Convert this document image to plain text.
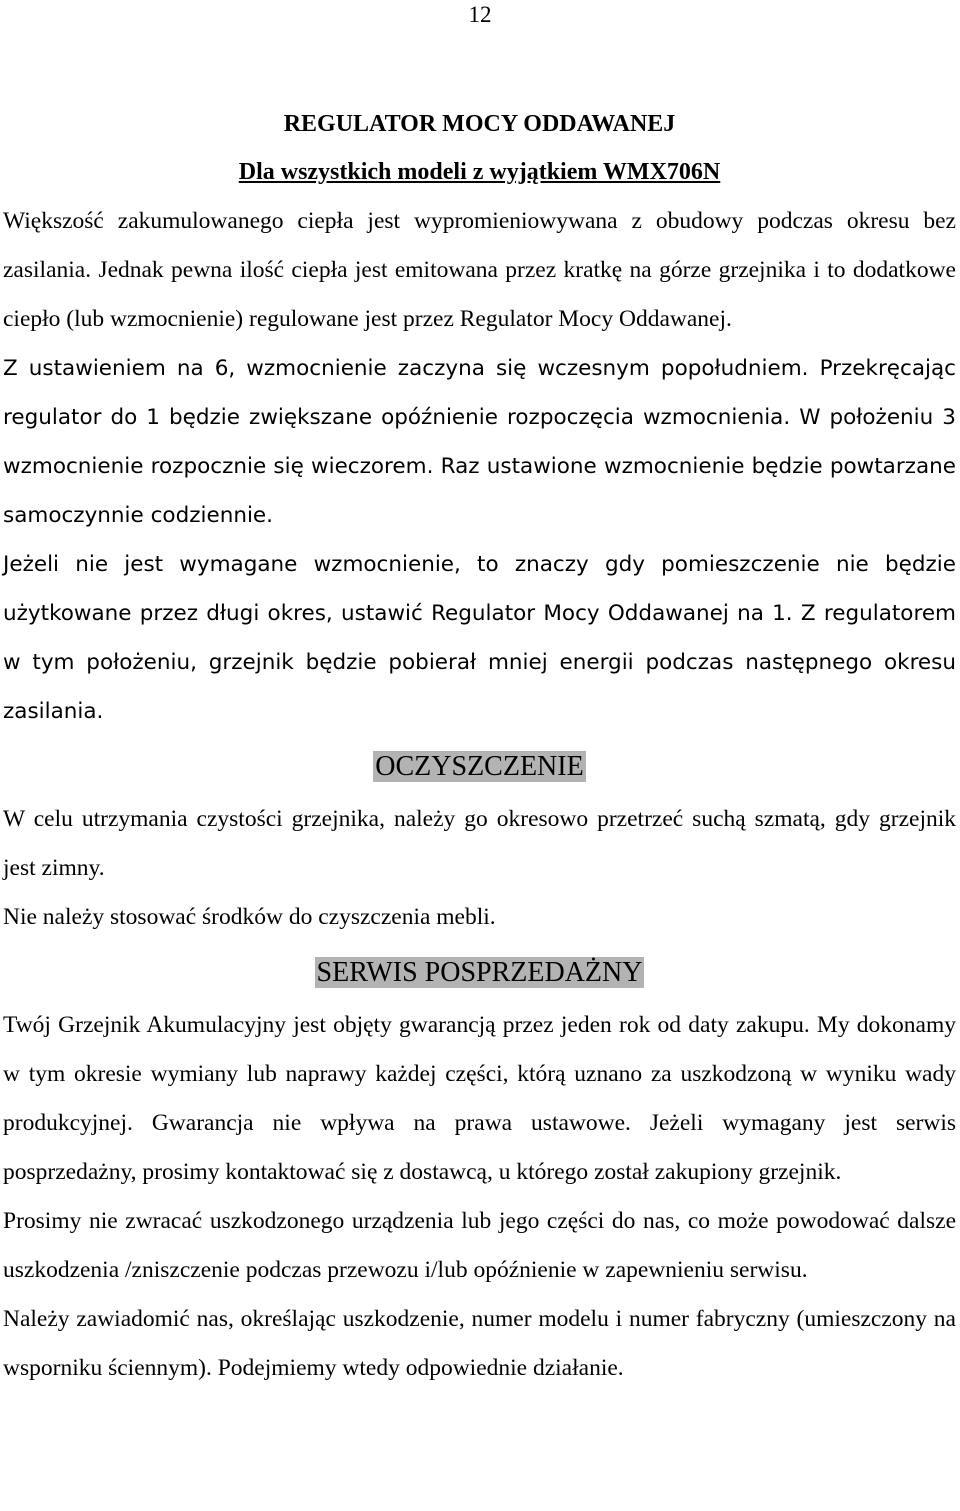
12
REGULATOR MOCY ODDAWANEJ
Dla wszystkich modeli z wyjątkiem WMX706N

Większość zakumulowanego ciepła jest wypromieniowywana z obudowy podczas okresu bez zasilania. Jednak pewna ilość ciepła jest emitowana przez kratkę na górze grzejnika i to dodatkowe ciepło (lub wzmocnienie) regulowane jest przez Regulator Mocy Oddawanej.

Z ustawieniem na 6, wzmocnienie zaczyna się wczesnym popołudniem. Przekręcając regulator do 1 będzie zwiększane opóźnienie rozpoczęcia wzmocnienia. W położeniu 3 wzmocnienie rozpocznie się wieczorem. Raz ustawione wzmocnienie będzie powtarzane samoczynnie codziennie.

Jeżeli nie jest wymagane wzmocnienie, to znaczy gdy pomieszczenie nie będzie użytkowane przez długi okres, ustawić Regulator Mocy Oddawanej na 1. Z regulatorem w tym położeniu, grzejnik będzie pobierał mniej energii podczas następnego okresu zasilania.

OCZYSZCZENIE

W celu utrzymania czystości grzejnika, należy go okresowo przetrzeć suchą szmatą, gdy grzejnik jest zimny.

Nie należy stosować środków do czyszczenia mebli.

SERWIS POSPRZEDAŻNY

Twój Grzejnik Akumulacyjny jest objęty gwarancją przez jeden rok od daty zakupu. My dokonamy w tym okresie wymiany lub naprawy każdej części, którą uznano za uszkodzoną w wyniku wady produkcyjnej. Gwarancja nie wpływa na prawa ustawowe. Jeżeli wymagany jest serwis posprzedażny, prosimy kontaktować się z dostawcą, u którego został zakupiony grzejnik.

Prosimy nie zwracać uszkodzonego urządzenia lub jego części do nas, co może powodować dalsze uszkodzenia /zniszczenie podczas przewozu i/lub opóźnienie w zapewnieniu serwisu.

Należy zawiadomić nas, określając uszkodzenie, numer modelu i numer fabryczny (umieszczony na wsporniku ściennym). Podejmiemy wtedy odpowiednie działanie.
